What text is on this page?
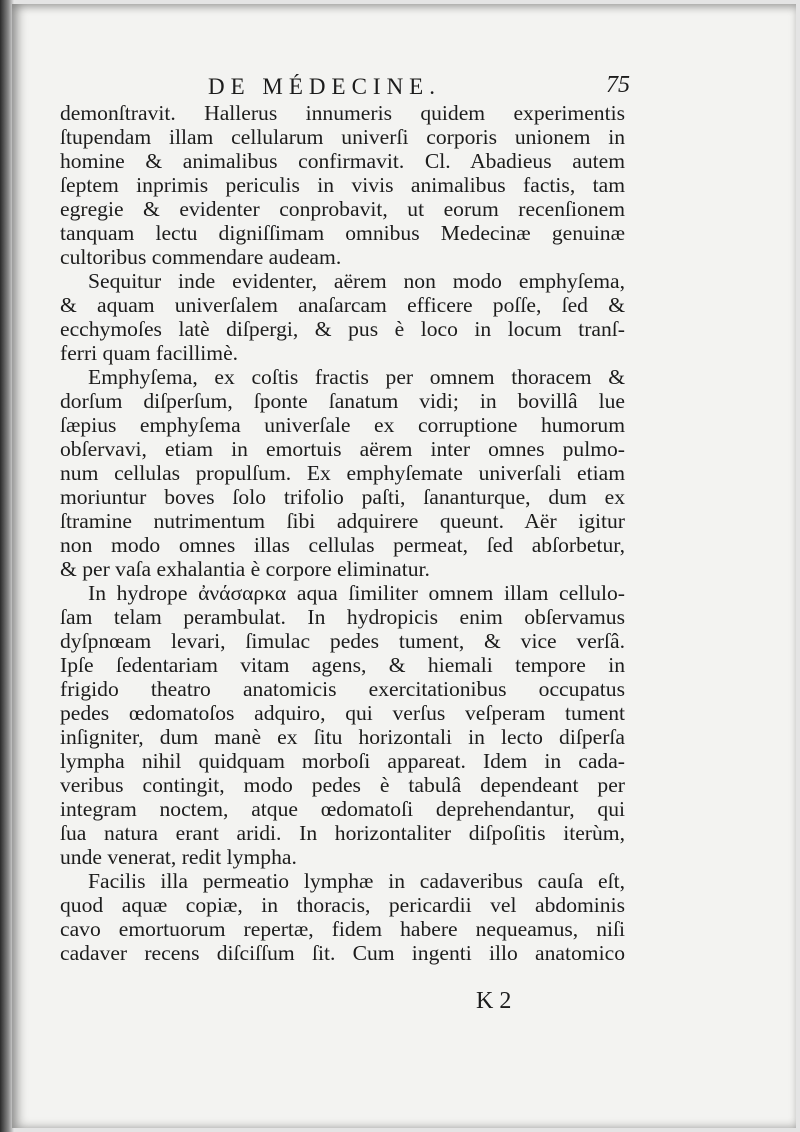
DE MÉDECINE.	75
demonſtravit. Hallerus innumeris quidem experimentis
ſtupendam illam cellularum univerſi corporis unionem in
homine & animalibus confirmavit. Cl. Abadieus autem
ſeptem inprimis periculis in vivis animalibus factis, tam
egregie & evidenter conprobavit, ut eorum recenſionem
tanquam lectu digniſſimam omnibus Medecinæ genuinæ
cultoribus commendare audeam.
Sequitur inde evidenter, aërem non modo emphyſema,
& aquam univerſalem anaſarcam efficere poſſe, ſed &
ecchymoſes latè diſpergi, & pus è loco in locum tranſ-
ferri quam facillimè.
Emphyſema, ex coſtis fractis per omnem thoracem &
dorſum diſperſum, ſponte ſanatum vidi; in bovillâ lue
ſæpius emphyſema univerſale ex corruptione humorum
obſervavi, etiam in emortuis aërem inter omnes pulmo-
num cellulas propulſum. Ex emphyſemate univerſali etiam
moriuntur boves ſolo trifolio paſti, ſananturque, dum ex
ſtramine nutrimentum ſibi adquirere queunt. Aër igitur
non modo omnes illas cellulas permeat, ſed abſorbetur,
& per vaſa exhalantia è corpore eliminatur.
In hydrope ἀνάσαρκα aqua ſimiliter omnem illam cellulo-
ſam telam perambulat. In hydropicis enim obſervamus
dyſpnœam levari, ſimulac pedes tument, & vice verſâ.
Ipſe ſedentariam vitam agens, & hiemali tempore in
frigido theatro anatomicis exercitationibus occupatus
pedes œdomatoſos adquiro, qui verſus veſperam tument
inſigniter, dum manè ex ſitu horizontali in lecto diſperſa
lympha nihil quidquam morboſi appareat. Idem in cada-
veribus contingit, modo pedes è tabulâ dependeant per
integram noctem, atque œdomatoſi deprehendantur, qui
ſua natura erant aridi. In horizontaliter diſpoſitis iterùm,
unde venerat, redit lympha.
Facilis illa permeatio lymphæ in cadaveribus cauſa eſt,
quod aquæ copiæ, in thoracis, pericardii vel abdominis
cavo emortuorum repertæ, fidem habere nequeamus, niſi
cadaver recens diſciſſum ſit. Cum ingenti illo anatomico
K 2
